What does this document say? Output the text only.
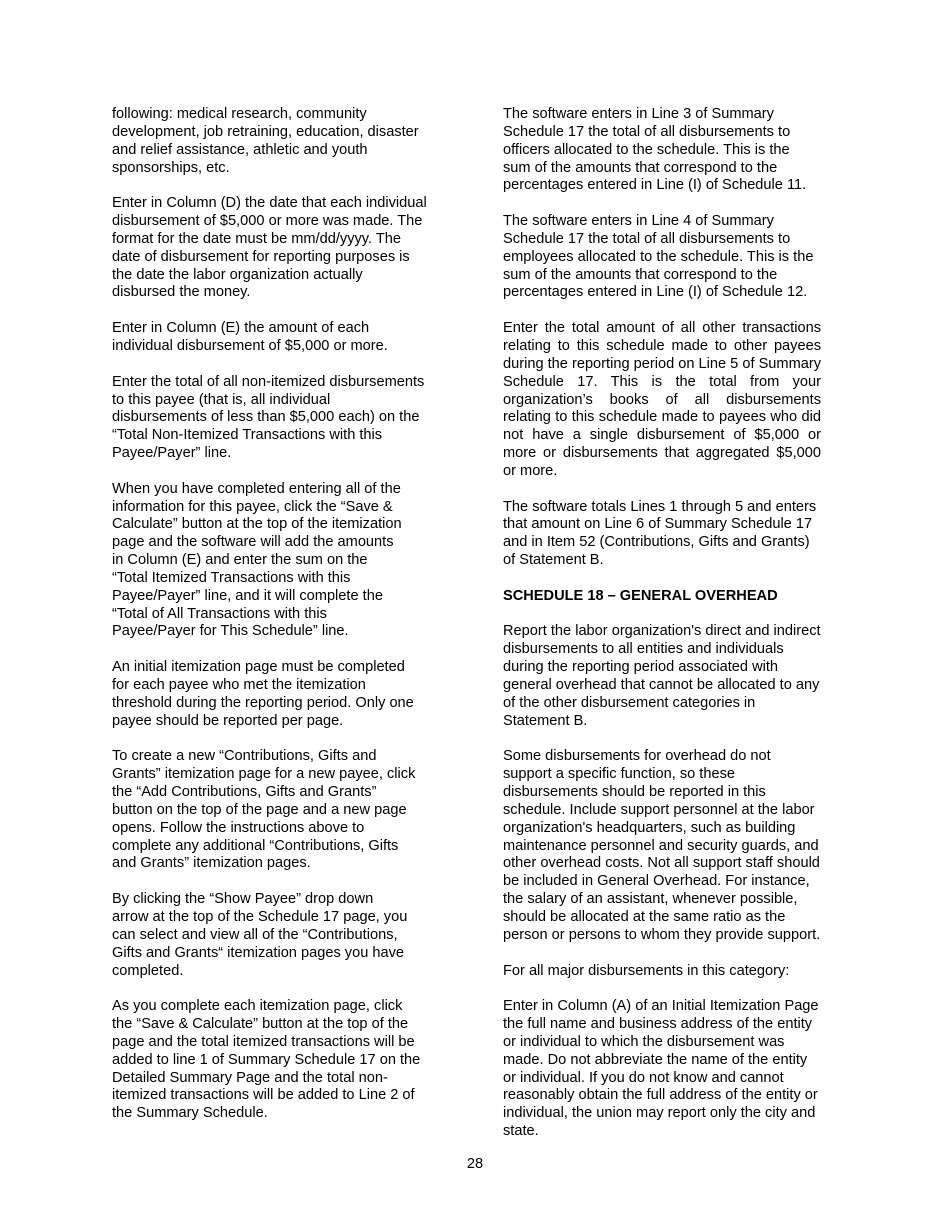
following: medical research, community
development, job retraining, education, disaster
and relief assistance, athletic and youth
sponsorships, etc.

Enter in Column (D) the date that each individual
disbursement of $5,000 or more was made. The
format for the date must be mm/dd/yyyy. The
date of disbursement for reporting purposes is
the date the labor organization actually
disbursed the money.

Enter in Column (E) the amount of each
individual disbursement of $5,000 or more.

Enter the total of all non-itemized disbursements
to this payee (that is, all individual
disbursements of less than $5,000 each) on the
“Total Non-Itemized Transactions with this
Payee/Payer” line.

When you have completed entering all of the
information for this payee, click the “Save &
Calculate” button at the top of the itemization
page and the software will add the amounts
in Column (E) and enter the sum on the
“Total Itemized Transactions with this
Payee/Payer” line, and it will complete the
“Total of All Transactions with this
Payee/Payer for This Schedule” line.

An initial itemization page must be completed
for each payee who met the itemization
threshold during the reporting period. Only one
payee should be reported per page.

To create a new “Contributions, Gifts and
Grants” itemization page for a new payee, click
the “Add Contributions, Gifts and Grants”
button on the top of the page and a new page
opens. Follow the instructions above to
complete any additional “Contributions, Gifts
and Grants” itemization pages.

By clicking the “Show Payee” drop down
arrow at the top of the Schedule 17 page, you
can select and view all of the “Contributions,
Gifts and Grants“ itemization pages you have
completed.

As you complete each itemization page, click
the “Save & Calculate” button at the top of the
page and the total itemized transactions will be
added to line 1 of Summary Schedule 17 on the
Detailed Summary Page and the total non-
itemized transactions will be added to Line 2 of
the Summary Schedule.

The software enters in Line 3 of Summary
Schedule 17 the total of all disbursements to
officers allocated to the schedule. This is the
sum of the amounts that correspond to the
percentages entered in Line (I) of Schedule 11.

The software enters in Line 4 of Summary
Schedule 17 the total of all disbursements to
employees allocated to the schedule. This is the
sum of the amounts that correspond to the
percentages entered in Line (I) of Schedule 12.

Enter the total amount of all other transactions relating to this schedule made to other payees during the reporting period on Line 5 of Summary Schedule 17. This is the total from your organization’s books of all disbursements relating to this schedule made to payees who did not have a single disbursement of $5,000 or more or disbursements that aggregated $5,000 or more.

The software totals Lines 1 through 5 and enters
that amount on Line 6 of Summary Schedule 17
and in Item 52 (Contributions, Gifts and Grants)
of Statement B.

SCHEDULE 18 – GENERAL OVERHEAD

Report the labor organization's direct and indirect
disbursements to all entities and individuals
during the reporting period associated with
general overhead that cannot be allocated to any
of the other disbursement categories in
Statement B.

Some disbursements for overhead do not
support a specific function, so these
disbursements should be reported in this
schedule. Include support personnel at the labor
organization's headquarters, such as building
maintenance personnel and security guards, and
other overhead costs. Not all support staff should
be included in General Overhead. For instance,
the salary of an assistant, whenever possible,
should be allocated at the same ratio as the
person or persons to whom they provide support.

For all major disbursements in this category:

Enter in Column (A) of an Initial Itemization Page
the full name and business address of the entity
or individual to which the disbursement was
made. Do not abbreviate the name of the entity
or individual. If you do not know and cannot
reasonably obtain the full address of the entity or
individual, the union may report only the city and
state.

28
